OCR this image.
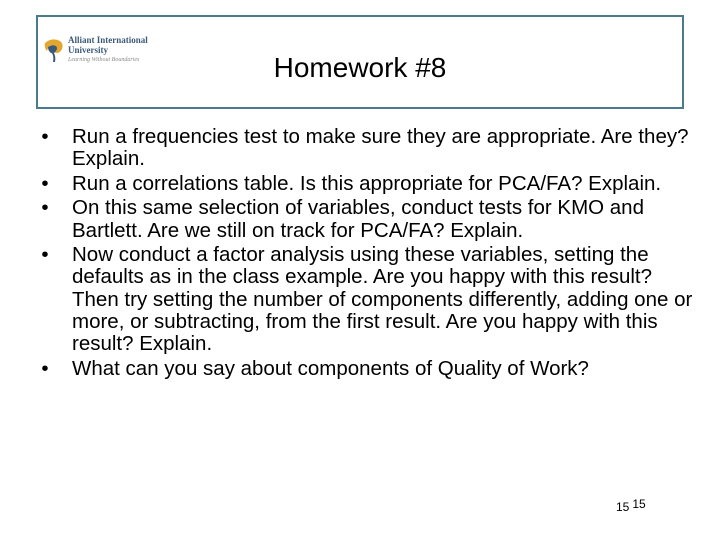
Alliant International
University
Learning Without Boundaries	Homework #8
•	Run a frequencies test to make sure they are appropriate. Are they? Explain.
•	Run a correlations table. Is this appropriate for PCA/FA? Explain.
•	On this same selection of variables, conduct tests for KMO and Bartlett. Are we still on track for PCA/FA? Explain.
•	Now conduct a factor analysis using these variables, setting the defaults as in the class example. Are you happy with this result? Then try setting the number of components differently, adding one or more, or subtracting, from the first result. Are you happy with this result? Explain.
•	What can you say about components of Quality of Work?
15 15
